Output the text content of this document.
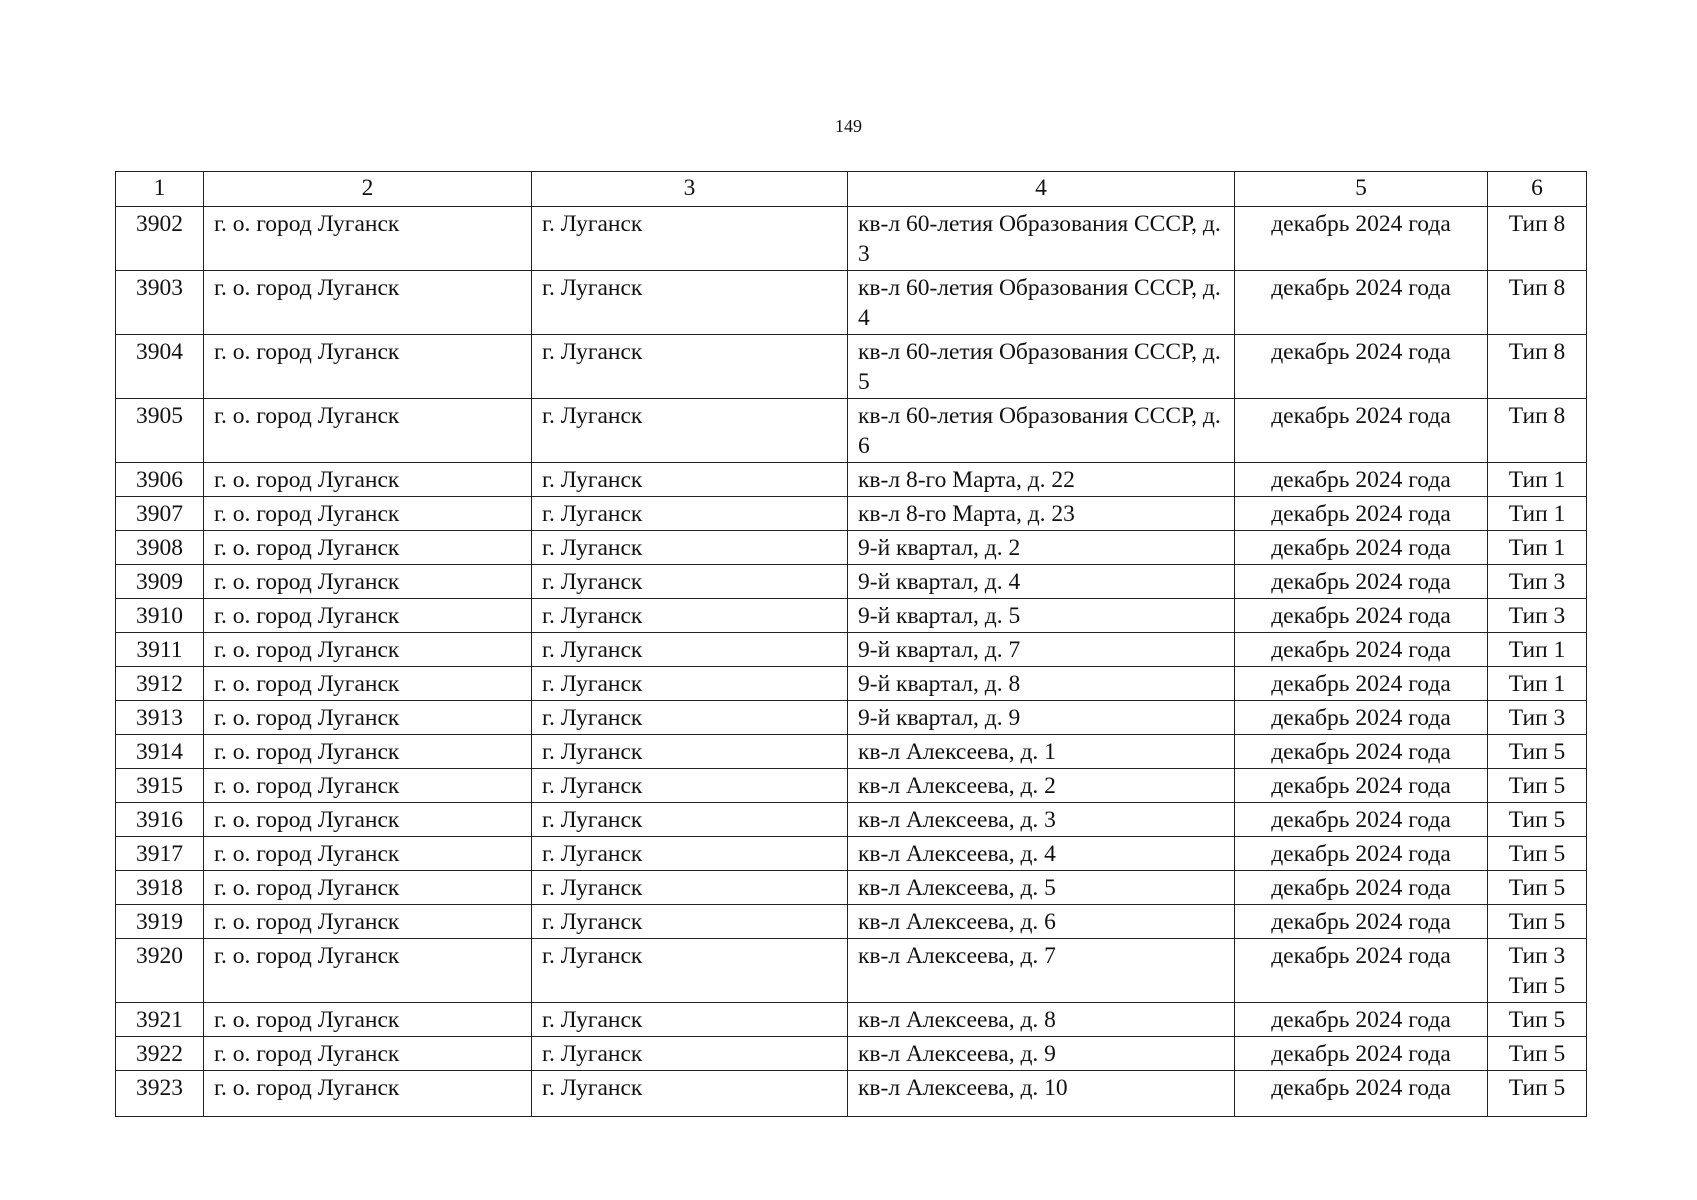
149
1	2	3	4	5	6

3902	г. о. город Луганск	г. Луганск	кв-л 60-летия Образования СССР, д. 3	декабрь 2024 года	Тип 8

3903	г. о. город Луганск	г. Луганск	кв-л 60-летия Образования СССР, д. 4	декабрь 2024 года	Тип 8

3904	г. о. город Луганск	г. Луганск	кв-л 60-летия Образования СССР, д. 5	декабрь 2024 года	Тип 8

3905	г. о. город Луганск	г. Луганск	кв-л 60-летия Образования СССР, д. 6	декабрь 2024 года	Тип 8

3906	г. о. город Луганск	г. Луганск	кв-л 8-го Марта, д. 22	декабрь 2024 года	Тип 1

3907	г. о. город Луганск	г. Луганск	кв-л 8-го Марта, д. 23	декабрь 2024 года	Тип 1

3908	г. о. город Луганск	г. Луганск	9-й квартал, д. 2	декабрь 2024 года	Тип 1

3909	г. о. город Луганск	г. Луганск	9-й квартал, д. 4	декабрь 2024 года	Тип 3

3910	г. о. город Луганск	г. Луганск	9-й квартал, д. 5	декабрь 2024 года	Тип 3

3911	г. о. город Луганск	г. Луганск	9-й квартал, д. 7	декабрь 2024 года	Тип 1

3912	г. о. город Луганск	г. Луганск	9-й квартал, д. 8	декабрь 2024 года	Тип 1

3913	г. о. город Луганск	г. Луганск	9-й квартал, д. 9	декабрь 2024 года	Тип 3

3914	г. о. город Луганск	г. Луганск	кв-л Алексеева, д. 1	декабрь 2024 года	Тип 5

3915	г. о. город Луганск	г. Луганск	кв-л Алексеева, д. 2	декабрь 2024 года	Тип 5

3916	г. о. город Луганск	г. Луганск	кв-л Алексеева, д. 3	декабрь 2024 года	Тип 5

3917	г. о. город Луганск	г. Луганск	кв-л Алексеева, д. 4	декабрь 2024 года	Тип 5

3918	г. о. город Луганск	г. Луганск	кв-л Алексеева, д. 5	декабрь 2024 года	Тип 5

3919	г. о. город Луганск	г. Луганск	кв-л Алексеева, д. 6	декабрь 2024 года	Тип 5

3920	г. о. город Луганск	г. Луганск	кв-л Алексеева, д. 7	декабрь 2024 года	Тип 3
Тип 5

3921	г. о. город Луганск	г. Луганск	кв-л Алексеева, д. 8	декабрь 2024 года	Тип 5

3922	г. о. город Луганск	г. Луганск	кв-л Алексеева, д. 9	декабрь 2024 года	Тип 5

3923	г. о. город Луганск	г. Луганск	кв-л Алексеева, д. 10	декабрь 2024 года	Тип 5
